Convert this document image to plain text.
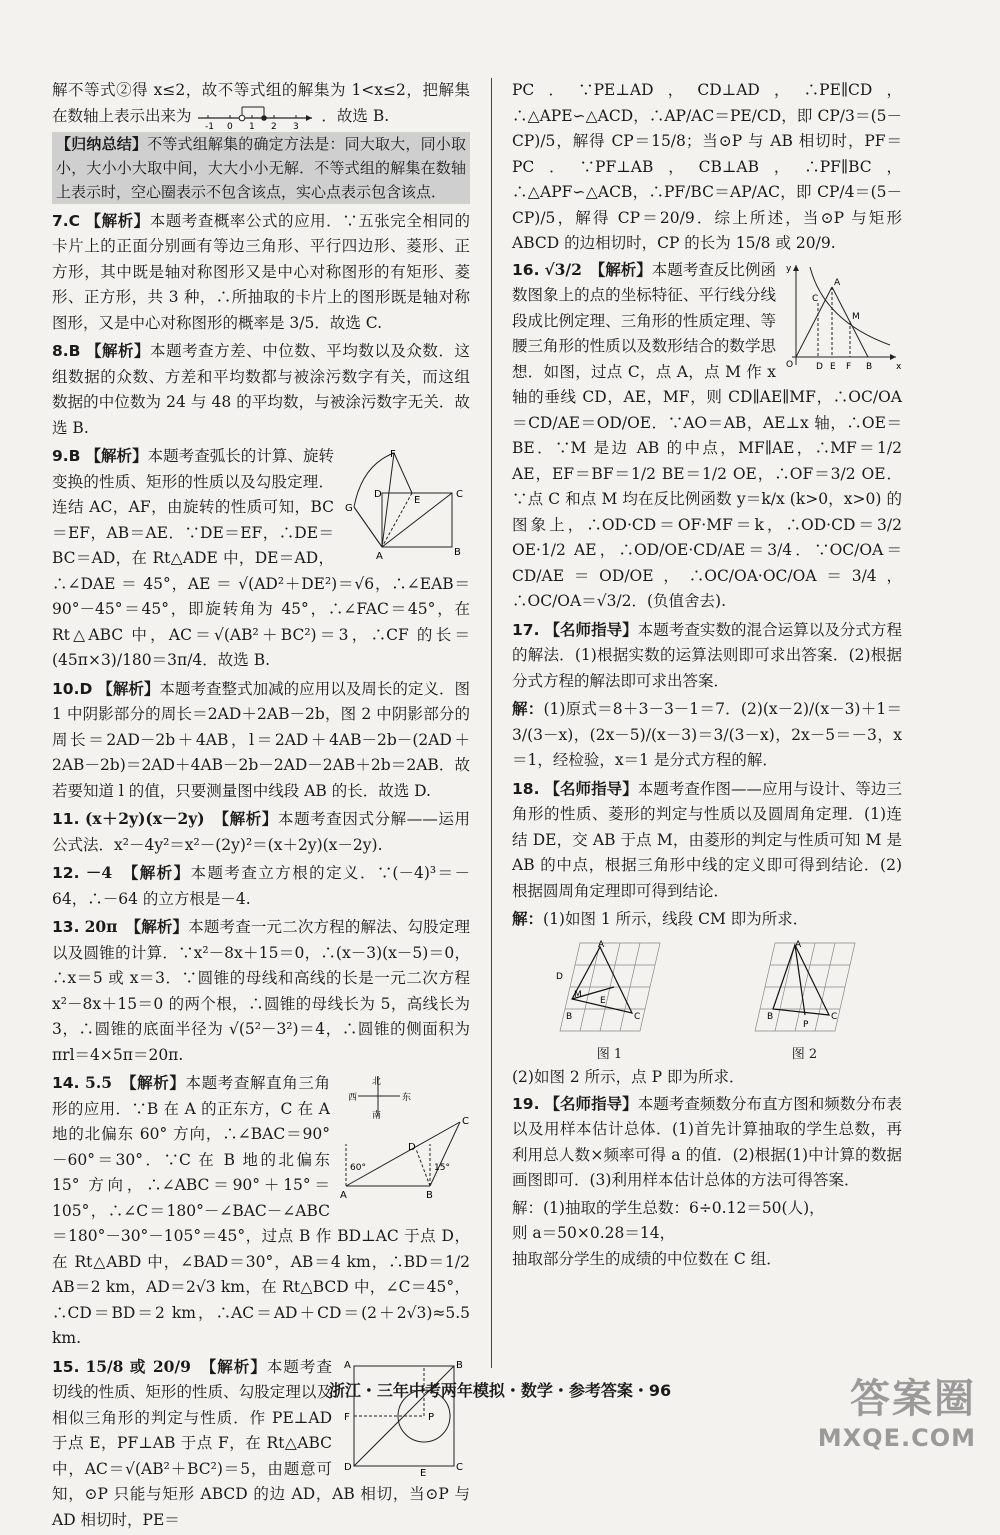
解不等式②得 x≤2，故不等式组的解集为 1<x≤2，把解集在数轴上表示出来为
-1 0 1 2 3
．故选 B.

【归纳总结】不等式组解集的确定方法是：同大取大，同小取小，大小小大取中间，大大小小无解．不等式组的解集在数轴上表示时，空心圈表示不包含该点，实心点表示包含该点．
7.C 【解析】本题考查概率公式的应用．∵五张完全相同的卡片上的正面分别画有等边三角形、平行四边形、菱形、正方形，其中既是轴对称图形又是中心对称图形的有矩形、菱形、正方形，共 3 种，∴所抽取的卡片上的图形既是轴对称图形，又是中心对称图形的概率是 3/5．故选 C.
8.B 【解析】本题考查方差、中位数、平均数以及众数．这组数据的众数、方差和平均数都与被涂污数字有关，而这组数据的中位数为 24 与 48 的平均数，与被涂污数字无关．故选 B.
F
D
E
C
G
A	B
9.B 【解析】本题考查弧长的计算、旋转变换的性质、矩形的性质以及勾股定理．连结 AC，AF，由旋转的性质可知，BC＝EF，AB＝AE．∵DE＝EF，∴DE＝BC＝AD，在 Rt△ADE 中，DE＝AD，∴∠DAE ＝ 45°，AE ＝ √(AD²＋DE²)＝√6，∴∠EAB＝90°－45°＝45°，即旋转角为 45°，∴∠FAC＝45°，在 Rt△ABC 中，AC＝√(AB²＋BC²)＝3，∴CF 的长＝(45π×3)/180＝3π/4．故选 B.
10.D 【解析】本题考查整式加减的应用以及周长的定义．图 1 中阴影部分的周长＝2AD＋2AB－2b，图 2 中阴影部分的周长＝2AD－2b＋4AB，l＝2AD＋4AB－2b－(2AD＋2AB－2b)＝2AD＋4AB－2b－2AD－2AB＋2b＝2AB．故若要知道 l 的值，只要测量图中线段 AB 的长．故选 D.
11. (x＋2y)(x－2y)　【解析】本题考查因式分解——运用公式法．x²－4y²＝x²－(2y)²＝(x＋2y)(x－2y).
12. －4　【解析】本题考查立方根的定义．∵(－4)³＝－64，∴－64 的立方根是－4.
13. 20π　【解析】本题考查一元二次方程的解法、勾股定理以及圆锥的计算．∵x²－8x＋15＝0，∴(x－3)(x－5)＝0，∴x＝5 或 x＝3．∵圆锥的母线和高线的长是一元二次方程 x²－8x＋15＝0 的两个根，∴圆锥的母线长为 5，高线长为 3，∴圆锥的底面半径为 √(5²－3²)＝4，∴圆锥的侧面积为 πrl＝4×5π＝20π.
北
西	东
南
60°	15°
A	B
C
D
14. 5.5　【解析】本题考查解直角三角形的应用．∵B 在 A 的正东方，C 在 A 地的北偏东 60° 方向，∴∠BAC＝90°－60°＝30°．∵C 在 B 地的北偏东 15° 方向，∴∠ABC＝90°＋15°＝105°，∴∠C＝180°－∠BAC－∠ABC＝180°－30°－105°＝45°，过点 B 作 BD⊥AC 于点 D，在 Rt△ABD 中，∠BAD＝30°，AB＝4 km，∴BD＝1/2 AB＝2 km，AD＝2√3 km，在 Rt△BCD 中，∠C＝45°，∴CD＝BD＝2 km，∴AC＝AD＋CD＝(2＋2√3)≈5.5 km.
A	B
D	C
F	P
E
15. 15/8 或 20/9　【解析】本题考查切线的性质、矩形的性质、勾股定理以及相似三角形的判定与性质．作 PE⊥AD 于点 E，PF⊥AB 于点 F，在 Rt△ABC 中，AC＝√(AB²＋BC²)＝5，由题意可知，⊙P 只能与矩形 ABCD 的边 AD，AB 相切，当⊙P 与 AD 相切时，PE＝

PC．∵PE⊥AD，CD⊥AD，∴PE∥CD，∴△APE∽△ACD，∴AP/AC＝PE/CD，即 CP/3＝(5－CP)/5，解得 CP＝15/8；当⊙P 与 AB 相切时，PF＝PC．∵PF⊥AB，CB⊥AB，∴PF∥BC，∴△APF∽△ACB，∴PF/BC＝AP/AC，即 CP/4＝(5－CP)/5，解得 CP＝20/9．综上所述，当⊙P 与矩形 ABCD 的边相切时，CP 的长为 15/8 或 20/9.

y
x
O
C
A
M
D E F B
16. √3/2　【解析】本题考查反比例函数图象上的点的坐标特征、平行线分线段成比例定理、三角形的性质定理、等腰三角形的性质以及数形结合的数学思想．如图，过点 C，点 A，点 M 作 x 轴的垂线 CD，AE，MF，则 CD∥AE∥MF，∴OC/OA＝CD/AE＝OD/OE．∵AO＝AB，AE⊥x 轴，∴OE＝BE．∵M 是边 AB 的中点，MF∥AE，∴MF＝1/2 AE，EF＝BF＝1/2 BE＝1/2 OE，∴OF＝3/2 OE．∵点 C 和点 M 均在反比例函数 y＝k/x (k>0，x>0) 的图象上，∴OD·CD＝OF·MF＝k，∴OD·CD＝3/2 OE·1/2 AE，∴OD/OE·CD/AE＝3/4．∵OC/OA＝CD/AE＝OD/OE，∴OC/OA·OC/OA＝3/4，∴OC/OA＝√3/2．(负值舍去).
17. 【名师指导】本题考查实数的混合运算以及分式方程的解法．(1)根据实数的运算法则即可求出答案．(2)根据分式方程的解法即可求出答案．
解：(1)原式＝8＋3－3－1＝7．(2)(x－2)/(x－3)＋1＝3/(3－x)，(2x－5)/(x－3)＝3/(3－x)，2x－5＝－3，x＝1，经检验，x＝1 是分式方程的解．
18. 【名师指导】本题考查作图——应用与设计、等边三角形的性质、菱形的判定与性质以及圆周角定理．(1)连结 DE，交 AB 于点 M，由菱形的判定与性质可知 M 是 AB 的中点，根据三角形中线的定义即可得到结论．(2)根据圆周角定理即可得到结论．
解：(1)如图 1 所示，线段 CM 即为所求．
A
D
M
E
C
B
图 1
A
C
B
P
图 2

(2)如图 2 所示，点 P 即为所求．

19. 【名师指导】本题考查频数分布直方图和频数分布表以及用样本估计总体．(1)首先计算抽取的学生总数，再利用总人数×频率可得 a 的值．(2)根据(1)中计算的数据画图即可．(3)利用样本估计总体的方法可得答案．

解：(1)抽取的学生总数：6÷0.12＝50(人)，

则 a＝50×0.28＝14，

抽取部分学生的成绩的中位数在 C 组．

浙江・三年中考两年模拟・数学・参考答案・96	答案圈
MXQE.COM
